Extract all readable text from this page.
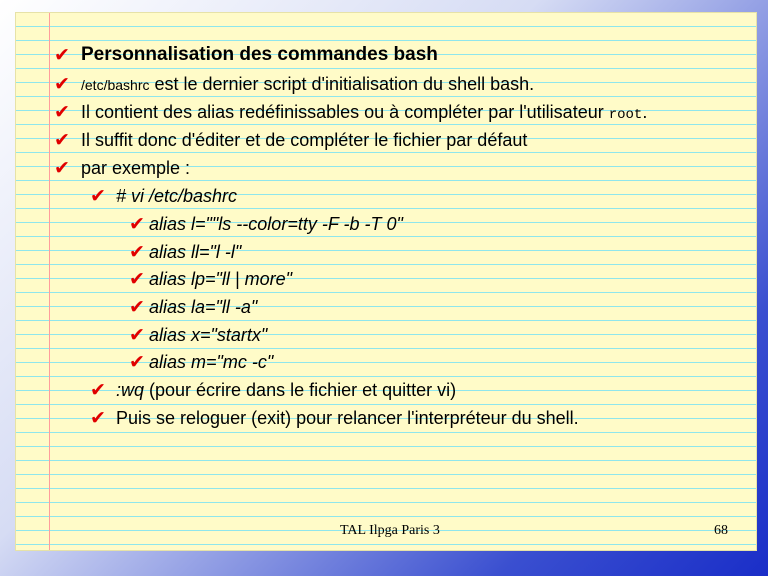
✔ Personnalisation des commandes bash
✔ /etc/bashrc est le dernier script d'initialisation du shell bash.
✔ Il contient des alias redéfinissables ou à compléter par l'utilisateur root.
✔ Il suffit donc d'éditer et de compléter le fichier par défaut
✔ par exemple :
✔ # vi /etc/bashrc
✔ alias l=""ls --color=tty -F -b -T 0"
✔ alias ll="l -l"
✔ alias lp="ll | more"
✔ alias la="ll -a"
✔ alias x="startx"
✔ alias m="mc -c"
✔ :wq (pour écrire dans le fichier et quitter vi)
✔ Puis se reloguer (exit) pour relancer l'interpréteur du shell.
TAL Ilpga Paris 3	68
